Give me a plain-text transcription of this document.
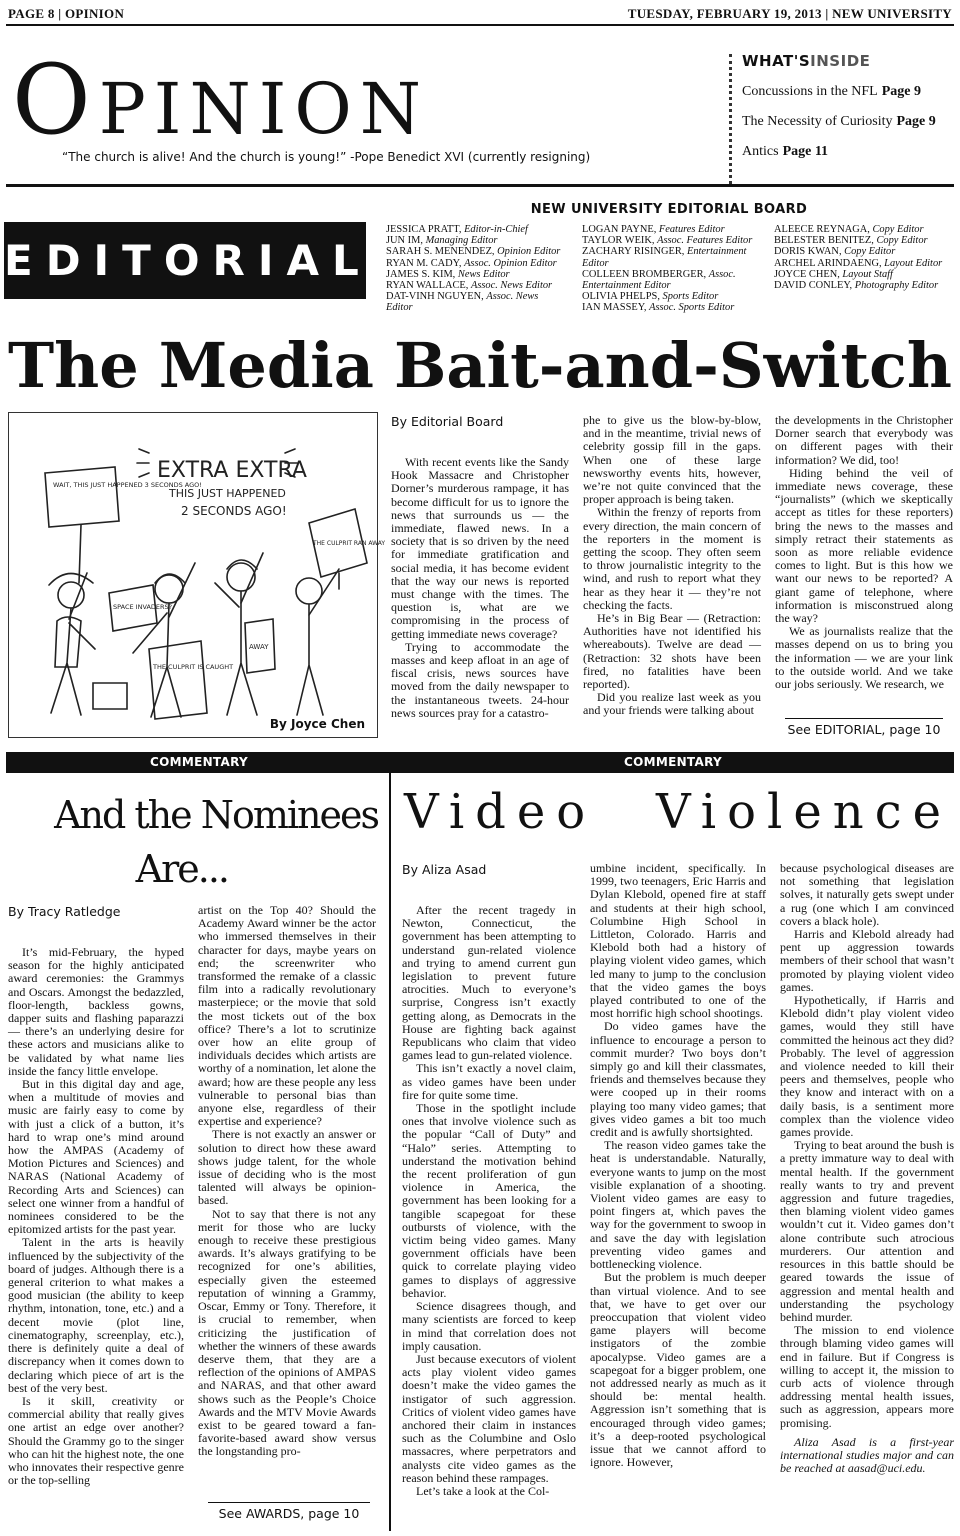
PAGE 8 | OPINION	TUESDAY, FEBRUARY 19, 2013 | NEW UNIVERSITY
OPINION
“The church is alive! And the church is young!” -Pope Benedict XVI (currently resigning)
WHAT'SINSIDE
Concussions in the NFL Page 9
The Necessity of Curiosity Page 9
Antics Page 11
EDITORIAL
NEW UNIVERSITY EDITORIAL BOARD
JESSICA PRATT, Editor-in-Chief
JUN IM, Managing Editor
SARAH S. MENENDEZ, Opinion Editor
RYAN M. CADY, Assoc. Opinion Editor
JAMES S. KIM, News Editor
RYAN WALLACE, Assoc. News Editor
DAT-VINH NGUYEN, Assoc. News Editor
LOGAN PAYNE, Features Editor
TAYLOR WEIK, Assoc. Features Editor
ZACHARY RISINGER, Entertainment Editor
COLLEEN BROMBERGER, Assoc. Entertainment Editor
OLIVIA PHELPS, Sports Editor
IAN MASSEY, Assoc. Sports Editor
ALEECE REYNAGA, Copy Editor
BELESTER BENITEZ, Copy Editor
DORIS KWAN, Copy Editor
ARCHEL ARINDAENG, Layout Editor
JOYCE CHEN, Layout Staff
DAVID CONLEY, Photography Editor
The Media Bait-and-Switch
EXTRA EXTRA
THIS JUST HAPPENED
2 SECONDS AGO!
WAIT, THIS JUST HAPPENED 3 SECONDS AGO!
SPACE INVADERS?
THE CULPRIT IS CAUGHT
AWAY
THE CULPRIT RAN AWAY
By Joyce Chen
By Editorial Board

With recent events like the Sandy Hook Massacre and Christopher Dorner’s murderous rampage, it has become difficult for us to ignore the news that surrounds us — the immediate, flawed news. In a society that is so driven by the need for immediate gratification and social media, it has become evident that the way our news is reported must change with the times. The question is, what are we compromising in the process of getting immediate news coverage?

Trying to accommodate the masses and keep afloat in an age of fiscal crisis, news sources have moved from the daily newspaper to the instantaneous tweets. 24-hour news sources pray for a catastro-

phe to give us the blow-by-blow, and in the meantime, trivial news of celebrity gossip fill in the gaps. When one of these large newsworthy events hits, however, we’re not quite convinced that the proper approach is being taken.

Within the frenzy of reports from every direction, the main concern of the reporters in the moment is getting the scoop. They often seem to throw journalistic integrity to the wind, and rush to report what they hear as they hear it — they’re not checking the facts.

He’s in Big Bear — (Retraction: Authorities have not identified his whereabouts). Twelve are dead — (Retraction: 32 shots have been fired, no fatalities have been reported).

Did you realize last week as you and your friends were talking about

the developments in the Christopher Dorner search that everybody was on different pages with their information? We did, too!

Hiding behind the veil of immediate news coverage, these “journalists” (which we skeptically accept as titles for these reporters) bring the news to the masses and simply retract their statements as soon as more reliable evidence comes to light. But is this how we want our news to be reported? A giant game of telephone, where information is misconstrued along the way?

We as journalists realize that the masses depend on us to bring you the information — we are your link to the outside world. And we take our jobs seriously. We research, we

See EDITORIAL, page 10
COMMENTARY	COMMENTARY
And the Nominees
Are...
By Tracy Ratledge

It’s mid-February, the hyped season for the highly anticipated award ceremonies: the Grammys and Oscars. Amongst the bedazzled, floor-length, backless gowns, dapper suits and flashing paparazzi — there’s an underlying desire for these actors and musicians alike to be validated by what name lies inside the fancy little envelope.

But in this digital day and age, when a multitude of movies and music are fairly easy to come by with just a click of a button, it’s hard to wrap one’s mind around how the AMPAS (Academy of Motion Pictures and Sciences) and NARAS (National Academy of Recording Arts and Sciences) can select one winner from a handful of nominees considered to be the epitomized artists for the past year.

Talent in the arts is heavily influenced by the subjectivity of the board of judges. Although there is a general criterion to what makes a good musician (the ability to keep rhythm, intonation, tone, etc.) and a decent movie (plot line, cinematography, screenplay, etc.), there is definitely quite a deal of discrepancy when it comes down to declaring which piece of art is the best of the very best.

Is it skill, creativity or commercial ability that really gives one artist an edge over another? Should the Grammy go to the singer who can hit the highest note, the one who innovates their respective genre or the top-selling

artist on the Top 40? Should the Academy Award winner be the actor who immersed themselves in their character for days, maybe years on end; the screenwriter who transformed the remake of a classic film into a radically revolutionary masterpiece; or the movie that sold the most tickets out of the box office? There’s a lot to scrutinize over how an elite group of individuals decides which artists are worthy of a nomination, let alone the award; how are these people any less vulnerable to personal bias than anyone else, regardless of their expertise and experience?

There is not exactly an answer or solution to direct how these award shows judge talent, for the whole issue of deciding who is the most talented will always be opinion-based.

Not to say that there is not any merit for those who are lucky enough to receive these prestigious awards. It’s always gratifying to be recognized for one’s abilities, especially given the esteemed reputation of winning a Grammy, Oscar, Emmy or Tony. Therefore, it is crucial to remember, when criticizing the justification of whether the winners of these awards deserve them, that they are a reflection of the opinions of AMPAS and NARAS, and that other award shows such as the People’s Choice Awards and the MTV Movie Awards exist to be geared toward a fan-favorite-based award show versus the longstanding pro-

See AWARDS, page 10
Video Violence
By Aliza Asad

After the recent tragedy in Newton, Connecticut, the government has been attempting to understand gun-related violence and trying to amend current gun legislation to prevent future atrocities. Much to everyone’s surprise, Congress isn’t exactly getting along, as Democrats in the House are fighting back against Republicans who claim that video games lead to gun-related violence.

This isn’t exactly a novel claim, as video games have been under fire for quite some time.

Those in the spotlight include ones that involve violence such as the popular “Call of Duty” and “Halo” series. Attempting to understand the motivation behind the recent proliferation of gun violence in America, the government has been looking for a tangible scapegoat for these outbursts of violence, with the victim being video games. Many government officials have been quick to correlate playing video games to displays of aggressive behavior.

Science disagrees though, and many scientists are forced to keep in mind that correlation does not imply causation.

Just because executors of violent acts play violent video games doesn’t make the video games the instigator of such aggression. Critics of violent video games have anchored their claim in instances such as the Columbine and Oslo massacres, where perpetrators and analysts cite video games as the reason behind these rampages.

Let’s take a look at the Col-

umbine incident, specifically. In 1999, two teenagers, Eric Harris and Dylan Klebold, opened fire at staff and students at their high school, Columbine High School in Littleton, Colorado. Harris and Klebold both had a history of playing violent video games, which led many to jump to the conclusion that the video games the boys played contributed to one of the most horrific high school shootings.

Do video games have the influence to encourage a person to commit murder? Two boys don’t simply go and kill their classmates, friends and themselves because they were cooped up in their rooms playing too many video games; that gives video games a bit too much credit and is awfully shortsighted.

The reason video games take the heat is understandable. Naturally, everyone wants to jump on the most visible explanation of a shooting. Violent video games are easy to point fingers at, which paves the way for the government to swoop in and save the day with legislation preventing video games and bottlenecking violence.

But the problem is much deeper than virtual violence. And to see that, we have to get over our preoccupation that violent video game players will become instigators of the zombie apocalypse. Video games are a scapegoat for a bigger problem, one not addressed nearly as much as it should be: mental health. Aggression isn’t something that is encouraged through video games; it’s a deep-rooted psychological issue that we cannot afford to ignore. However,

because psychological diseases are not something that legislation solves, it naturally gets swept under a rug (one which I am convinced covers a black hole).

Harris and Klebold already had pent up aggression towards members of their school that wasn’t promoted by playing violent video games.

Hypothetically, if Harris and Klebold didn’t play violent video games, would they still have committed the heinous act they did? Probably. The level of aggression and violence needed to kill their peers and themselves, people who they know and interact with on a daily basis, is a sentiment more complex than the violence video games provide.

Trying to beat around the bush is a pretty immature way to deal with mental health. If the government really wants to try and prevent aggression and future tragedies, then blaming violent video games wouldn’t cut it. Video games don’t alone contribute such atrocious murderers. Our attention and resources in this battle should be geared towards the issue of aggression and mental health and understanding the psychology behind murder.

The mission to end violence through blaming video games will end in failure. But if Congress is willing to accept it, the mission to curb acts of violence through addressing mental health issues, such as aggression, appears more promising.

Aliza Asad is a first-year international studies major and can be reached at aasad@uci.edu.
